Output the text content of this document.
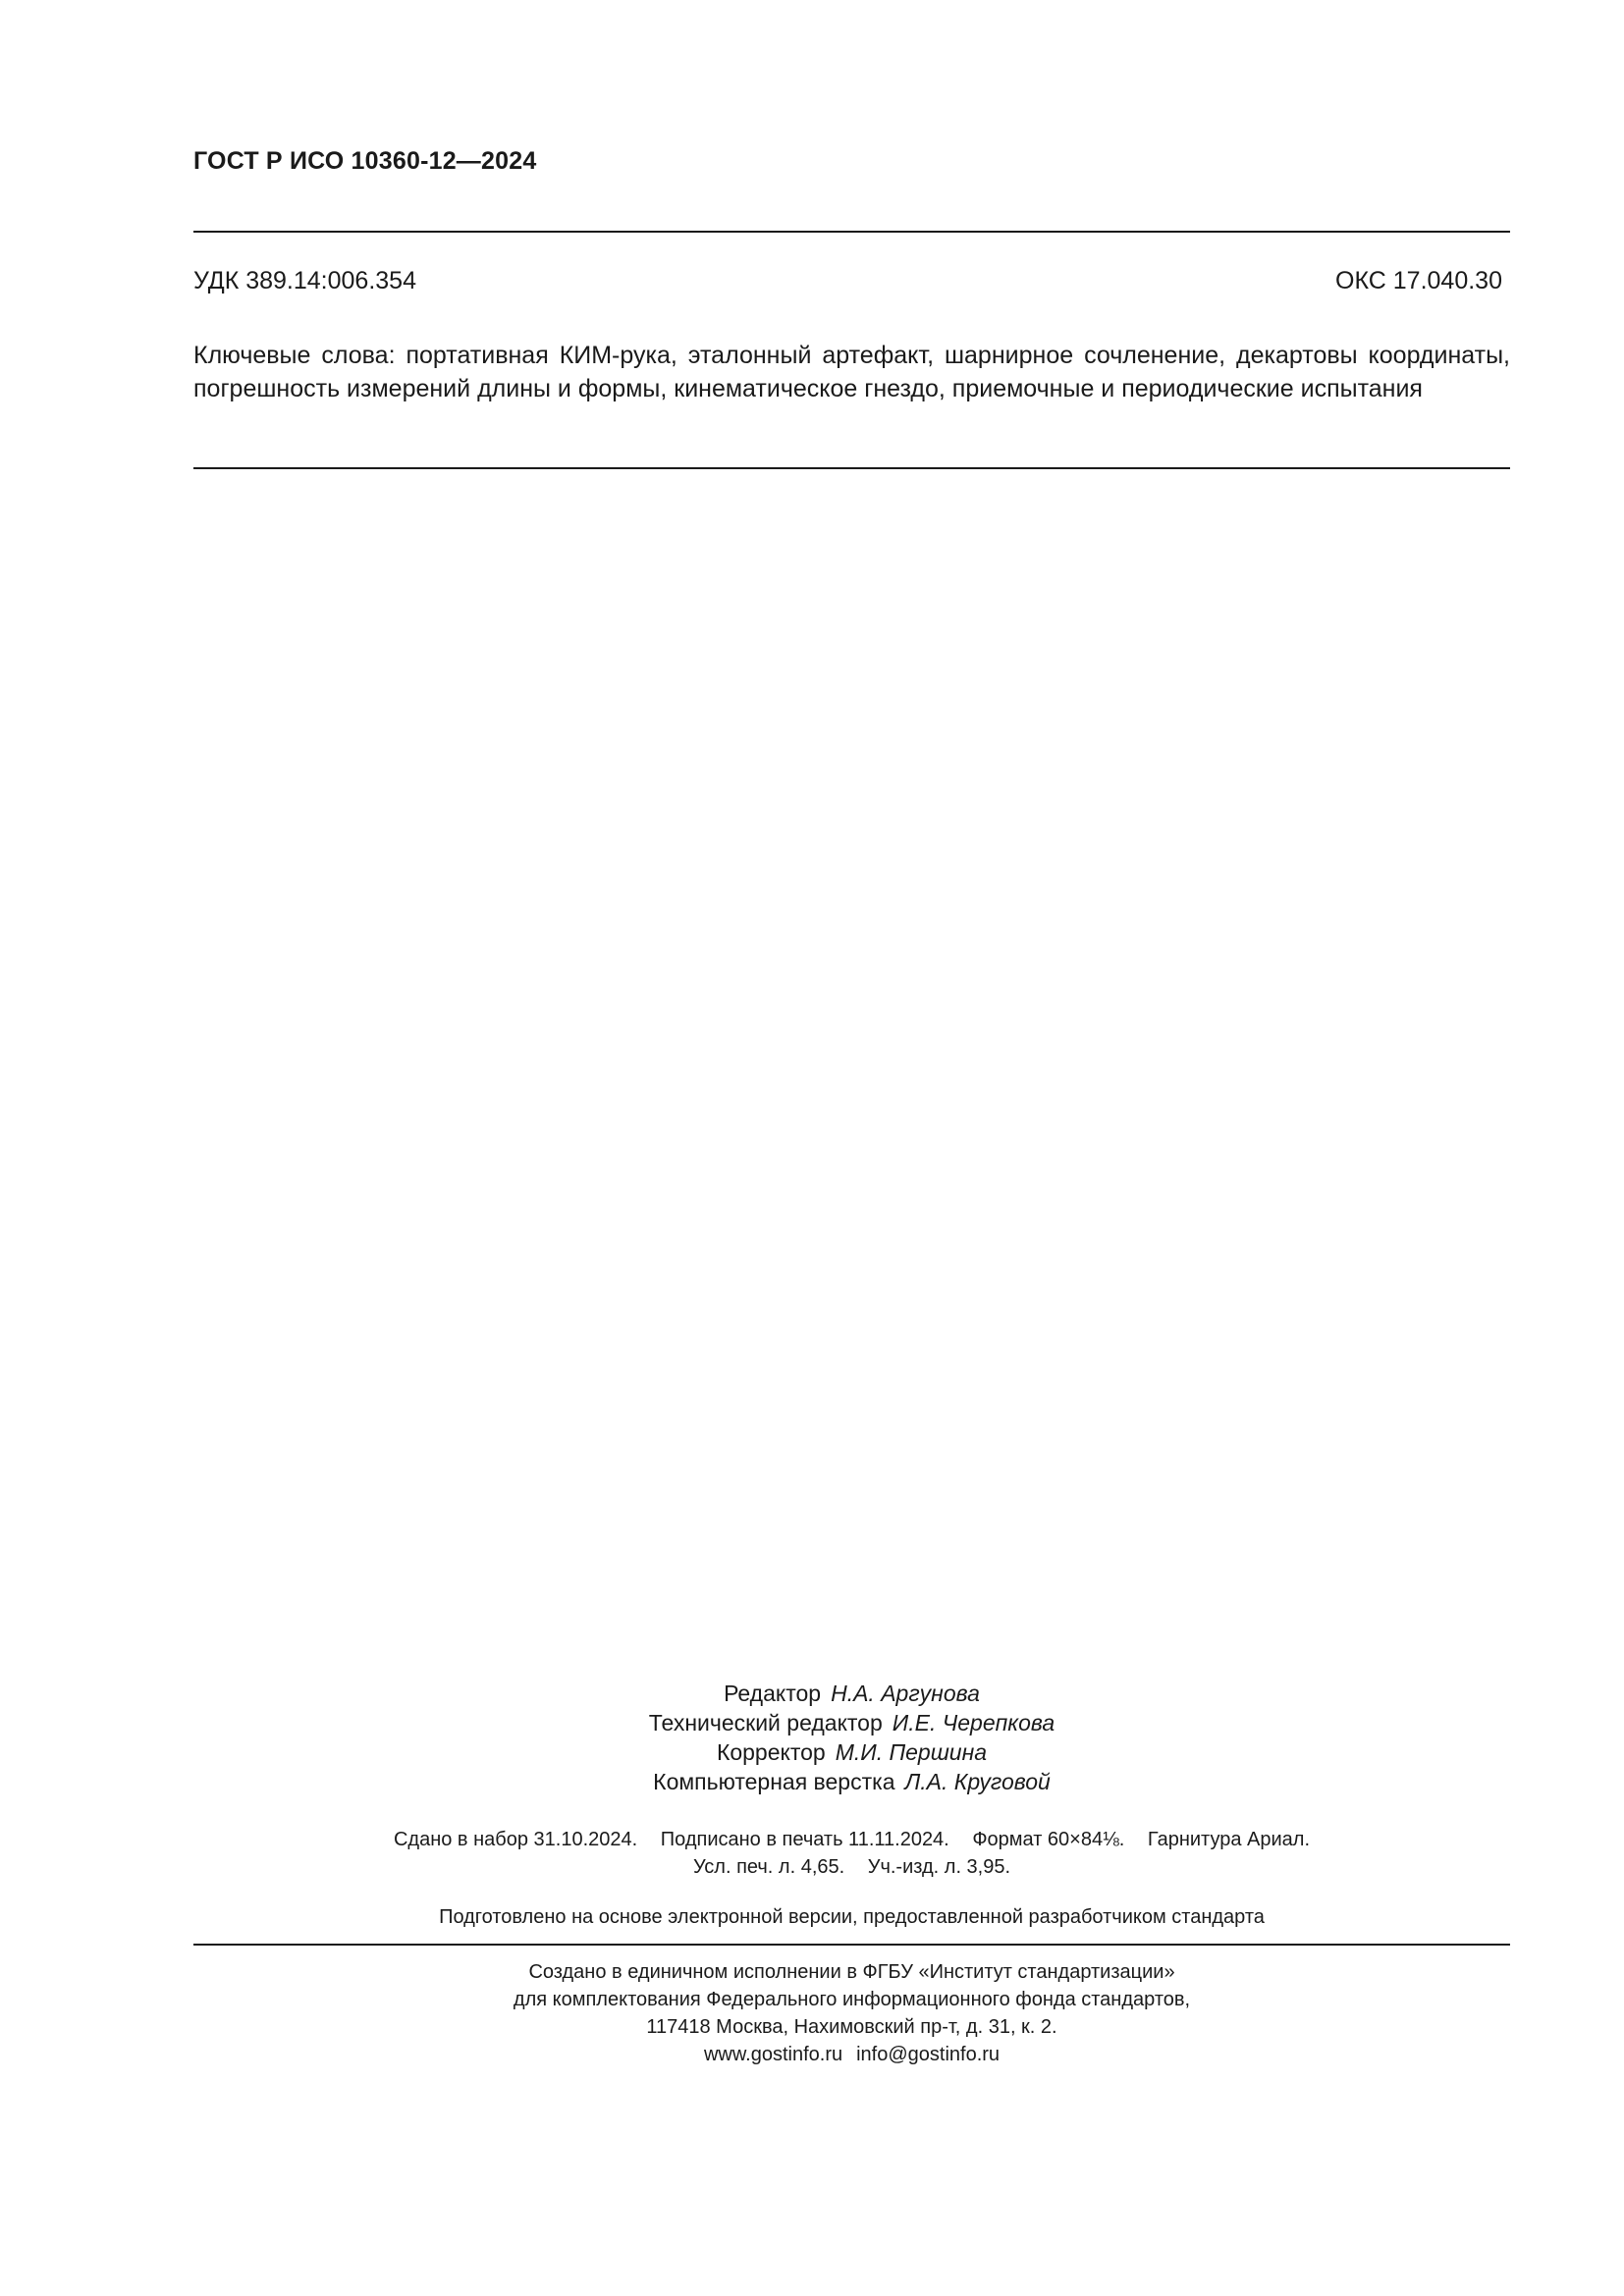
ГОСТ Р ИСО 10360-12—2024
УДК 389.14:006.354	ОКС 17.040.30
Ключевые слова: портативная КИМ-рука, эталонный артефакт, шарнирное сочленение, декартовы координаты, погрешность измерений длины и формы, кинематическое гнездо, приемочные и периодические испытания
Редактор Н.А. Аргунова
Технический редактор И.Е. Черепкова
Корректор М.И. Першина
Компьютерная верстка Л.А. Круговой
Сдано в набор 31.10.2024. Подписано в печать 11.11.2024. Формат 60×84⅛. Гарнитура Ариал.
Усл. печ. л. 4,65. Уч.-изд. л. 3,95.
Подготовлено на основе электронной версии, предоставленной разработчиком стандарта
Создано в единичном исполнении в ФГБУ «Институт стандартизации»
для комплектования Федерального информационного фонда стандартов,
117418 Москва, Нахимовский пр-т, д. 31, к. 2.
www.gostinfo.ru info@gostinfo.ru
